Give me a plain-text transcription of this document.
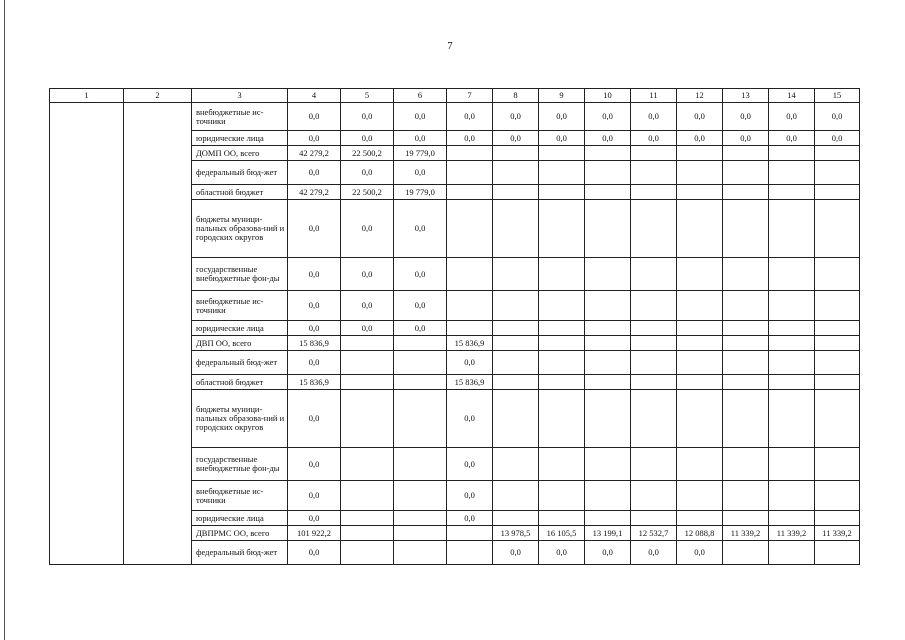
7
1	2	3	4	5	6	7	8	9	10	11	12	13	14	15
		внебюджетные ис-точники	0,0	0,0	0,0	0,0	0,0	0,0	0,0	0,0	0,0	0,0	0,0	0,0
		юридические лица	0,0	0,0	0,0	0,0	0,0	0,0	0,0	0,0	0,0	0,0	0,0	0,0
		ДОМП ОО, всего	42 279,2	22 500,2	19 779,0									
		федеральный бюд-жет	0,0	0,0	0,0									
		областной бюджет	42 279,2	22 500,2	19 779,0									
		бюджеты муници-пальных образова-ний и городских округов	0,0	0,0	0,0									
		государственные внебюджетные фон-ды	0,0	0,0	0,0									
		внебюджетные ис-точники	0,0	0,0	0,0									
		юридические лица	0,0	0,0	0,0									
		ДВП ОО, всего	15 836,9			15 836,9								
		федеральный бюд-жет	0,0			0,0								
		областной бюджет	15 836,9			15 836,9								
		бюджеты муници-пальных образова-ний и городских округов	0,0			0,0								
		государственные внебюджетные фон-ды	0,0			0,0								
		внебюджетные ис-точники	0,0			0,0								
		юридические лица	0,0			0,0								
		ДВПРМС ОО, всего	101 922,2				13 978,5	16 105,5	13 199,1	12 532,7	12 088,8	11 339,2	11 339,2	11 339,2
		федеральный бюд-жет	0,0				0,0	0,0	0,0	0,0	0,0			
